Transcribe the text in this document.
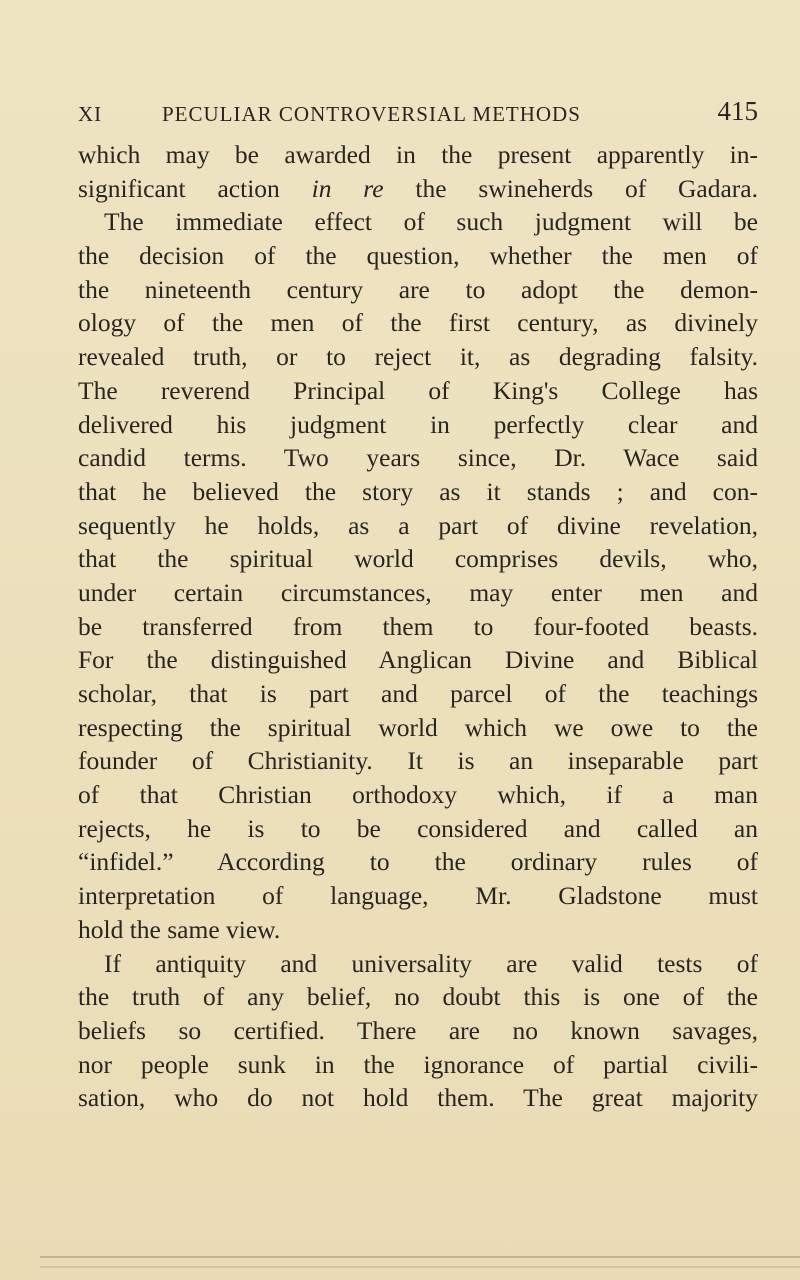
XI	PECULIAR CONTROVERSIAL METHODS	415
which may be awarded in the present apparently in-
significant action in re the swineherds of Gadara.
The immediate effect of such judgment will be
the decision of the question, whether the men of
the nineteenth century are to adopt the demon-
ology of the men of the first century, as divinely
revealed truth, or to reject it, as degrading falsity.
The reverend Principal of King's College has
delivered his judgment in perfectly clear and
candid terms. Two years since, Dr. Wace said
that he believed the story as it stands ; and con-
sequently he holds, as a part of divine revelation,
that the spiritual world comprises devils, who,
under certain circumstances, may enter men and
be transferred from them to four-footed beasts.
For the distinguished Anglican Divine and Biblical
scholar, that is part and parcel of the teachings
respecting the spiritual world which we owe to the
founder of Christianity. It is an inseparable part
of that Christian orthodoxy which, if a man
rejects, he is to be considered and called an
“infidel.” According to the ordinary rules of
interpretation of language, Mr. Gladstone must
hold the same view.
If antiquity and universality are valid tests of
the truth of any belief, no doubt this is one of the
beliefs so certified. There are no known savages,
nor people sunk in the ignorance of partial civili-
sation, who do not hold them. The great majority
